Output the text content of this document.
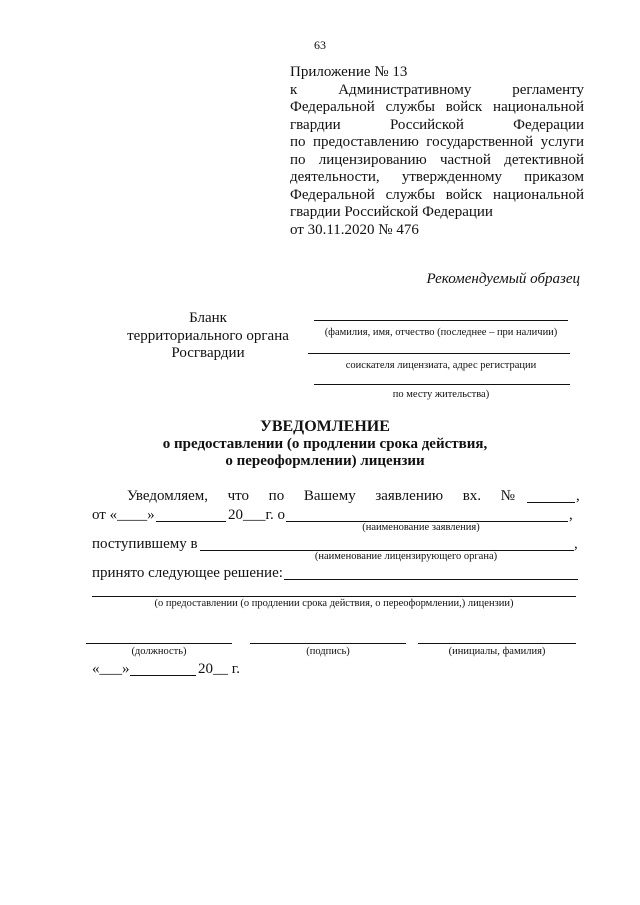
63
Приложение № 13
к Административному регламенту
Федеральной службы войск национальной
гвардии Российской Федерации
по предоставлению государственной услуги
по лицензированию частной детективной
деятельности, утвержденному приказом
Федеральной службы войск национальной
гвардии Российской Федерации
от 30.11.2020 № 476
Рекомендуемый образец
Бланк
территориального органа
Росгвардии
(фамилия, имя, отчество (последнее – при наличии)
соискателя лицензиата, адрес регистрации
по месту жительства)
УВЕДОМЛЕНИЕ
о предоставлении (о продлении срока действия,
о переоформлении) лицензии
Уведомляем, что по Вашему заявлению вх. №	,
от «____»	20___г. о	,
(наименование заявления)
поступившему в	,
(наименование лицензирующего органа)
принято следующее решение:
(о предоставлении (о продлении срока действия, о переоформлении,) лицензии)
(должность)	(подпись)	(инициалы, фамилия)
«___»	20__ г.
